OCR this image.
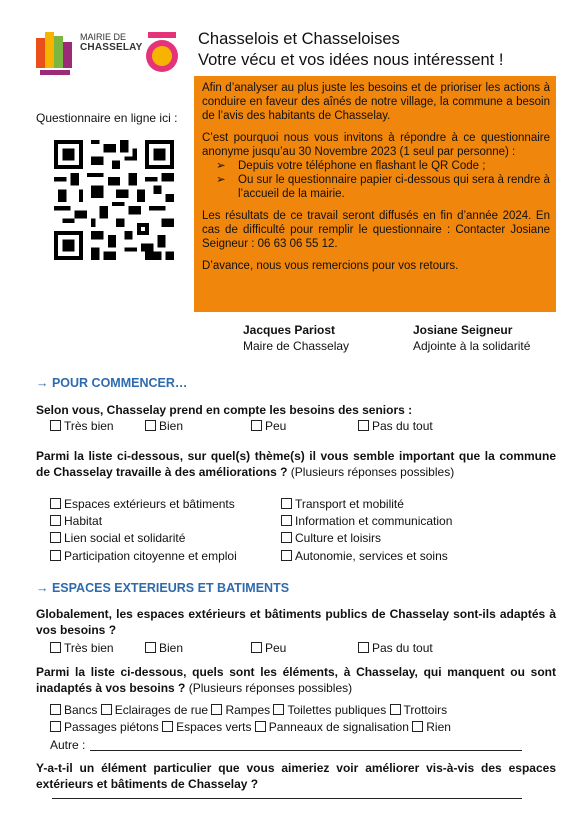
MAIRIE DE
CHASSELAY	Chasselois et Chasseloises
Votre vécu et vos idées nous intéressent !
Questionnaire en ligne ici :

Afin d’analyser au plus juste les besoins et de prioriser les actions à conduire en faveur des aînés de notre village, la commune a besoin de l’avis des habitants de Chasselay.

C’est pourquoi nous vous invitons à répondre à ce questionnaire anonyme jusqu’au 30 Novembre 2023 (1 seul par personne) :

➢ Depuis votre téléphone en flashant le QR Code ;
➢ Ou sur le questionnaire papier ci-dessous qui sera à rendre à l’accueil de la mairie.

Les résultats de ce travail seront diffusés en fin d’année 2024. En cas de difficulté pour remplir le questionnaire : Contacter Josiane Seigneur : 06 63 06 55 12.

D’avance, nous vous remercions pour vos retours.

Jacques Pariost
Maire de Chasselay
Josiane Seigneur
Adjointe à la solidarité
→ POUR COMMENCER…
Selon vous, Chasselay prend en compte les besoins des seniors :
Très bien	Bien	Peu	Pas du tout
Parmi la liste ci-dessous, sur quel(s) thème(s) il vous semble important que la commune de Chasselay travaille à des améliorations ? (Plusieurs réponses possibles)
Espaces extérieurs et bâtiments
Habitat
Lien social et solidarité
Participation citoyenne et emploi
Transport et mobilité
Information et communication
Culture et loisirs
Autonomie, services et soins
→ ESPACES EXTERIEURS ET BATIMENTS
Globalement, les espaces extérieurs et bâtiments publics de Chasselay sont-ils adaptés à vos besoins ?
Très bien	Bien	Peu	Pas du tout
Parmi la liste ci-dessous, quels sont les éléments, à Chasselay, qui manquent ou sont inadaptés à vos besoins ? (Plusieurs réponses possibles)
Bancs Eclairages de rue Rampes Toilettes publiques Trottoirs
Passages piétons Espaces verts Panneaux de signalisation Rien
Autre :
Y-a-t-il un élément particulier que vous aimeriez voir améliorer vis-à-vis des espaces extérieurs et bâtiments de Chasselay ?
